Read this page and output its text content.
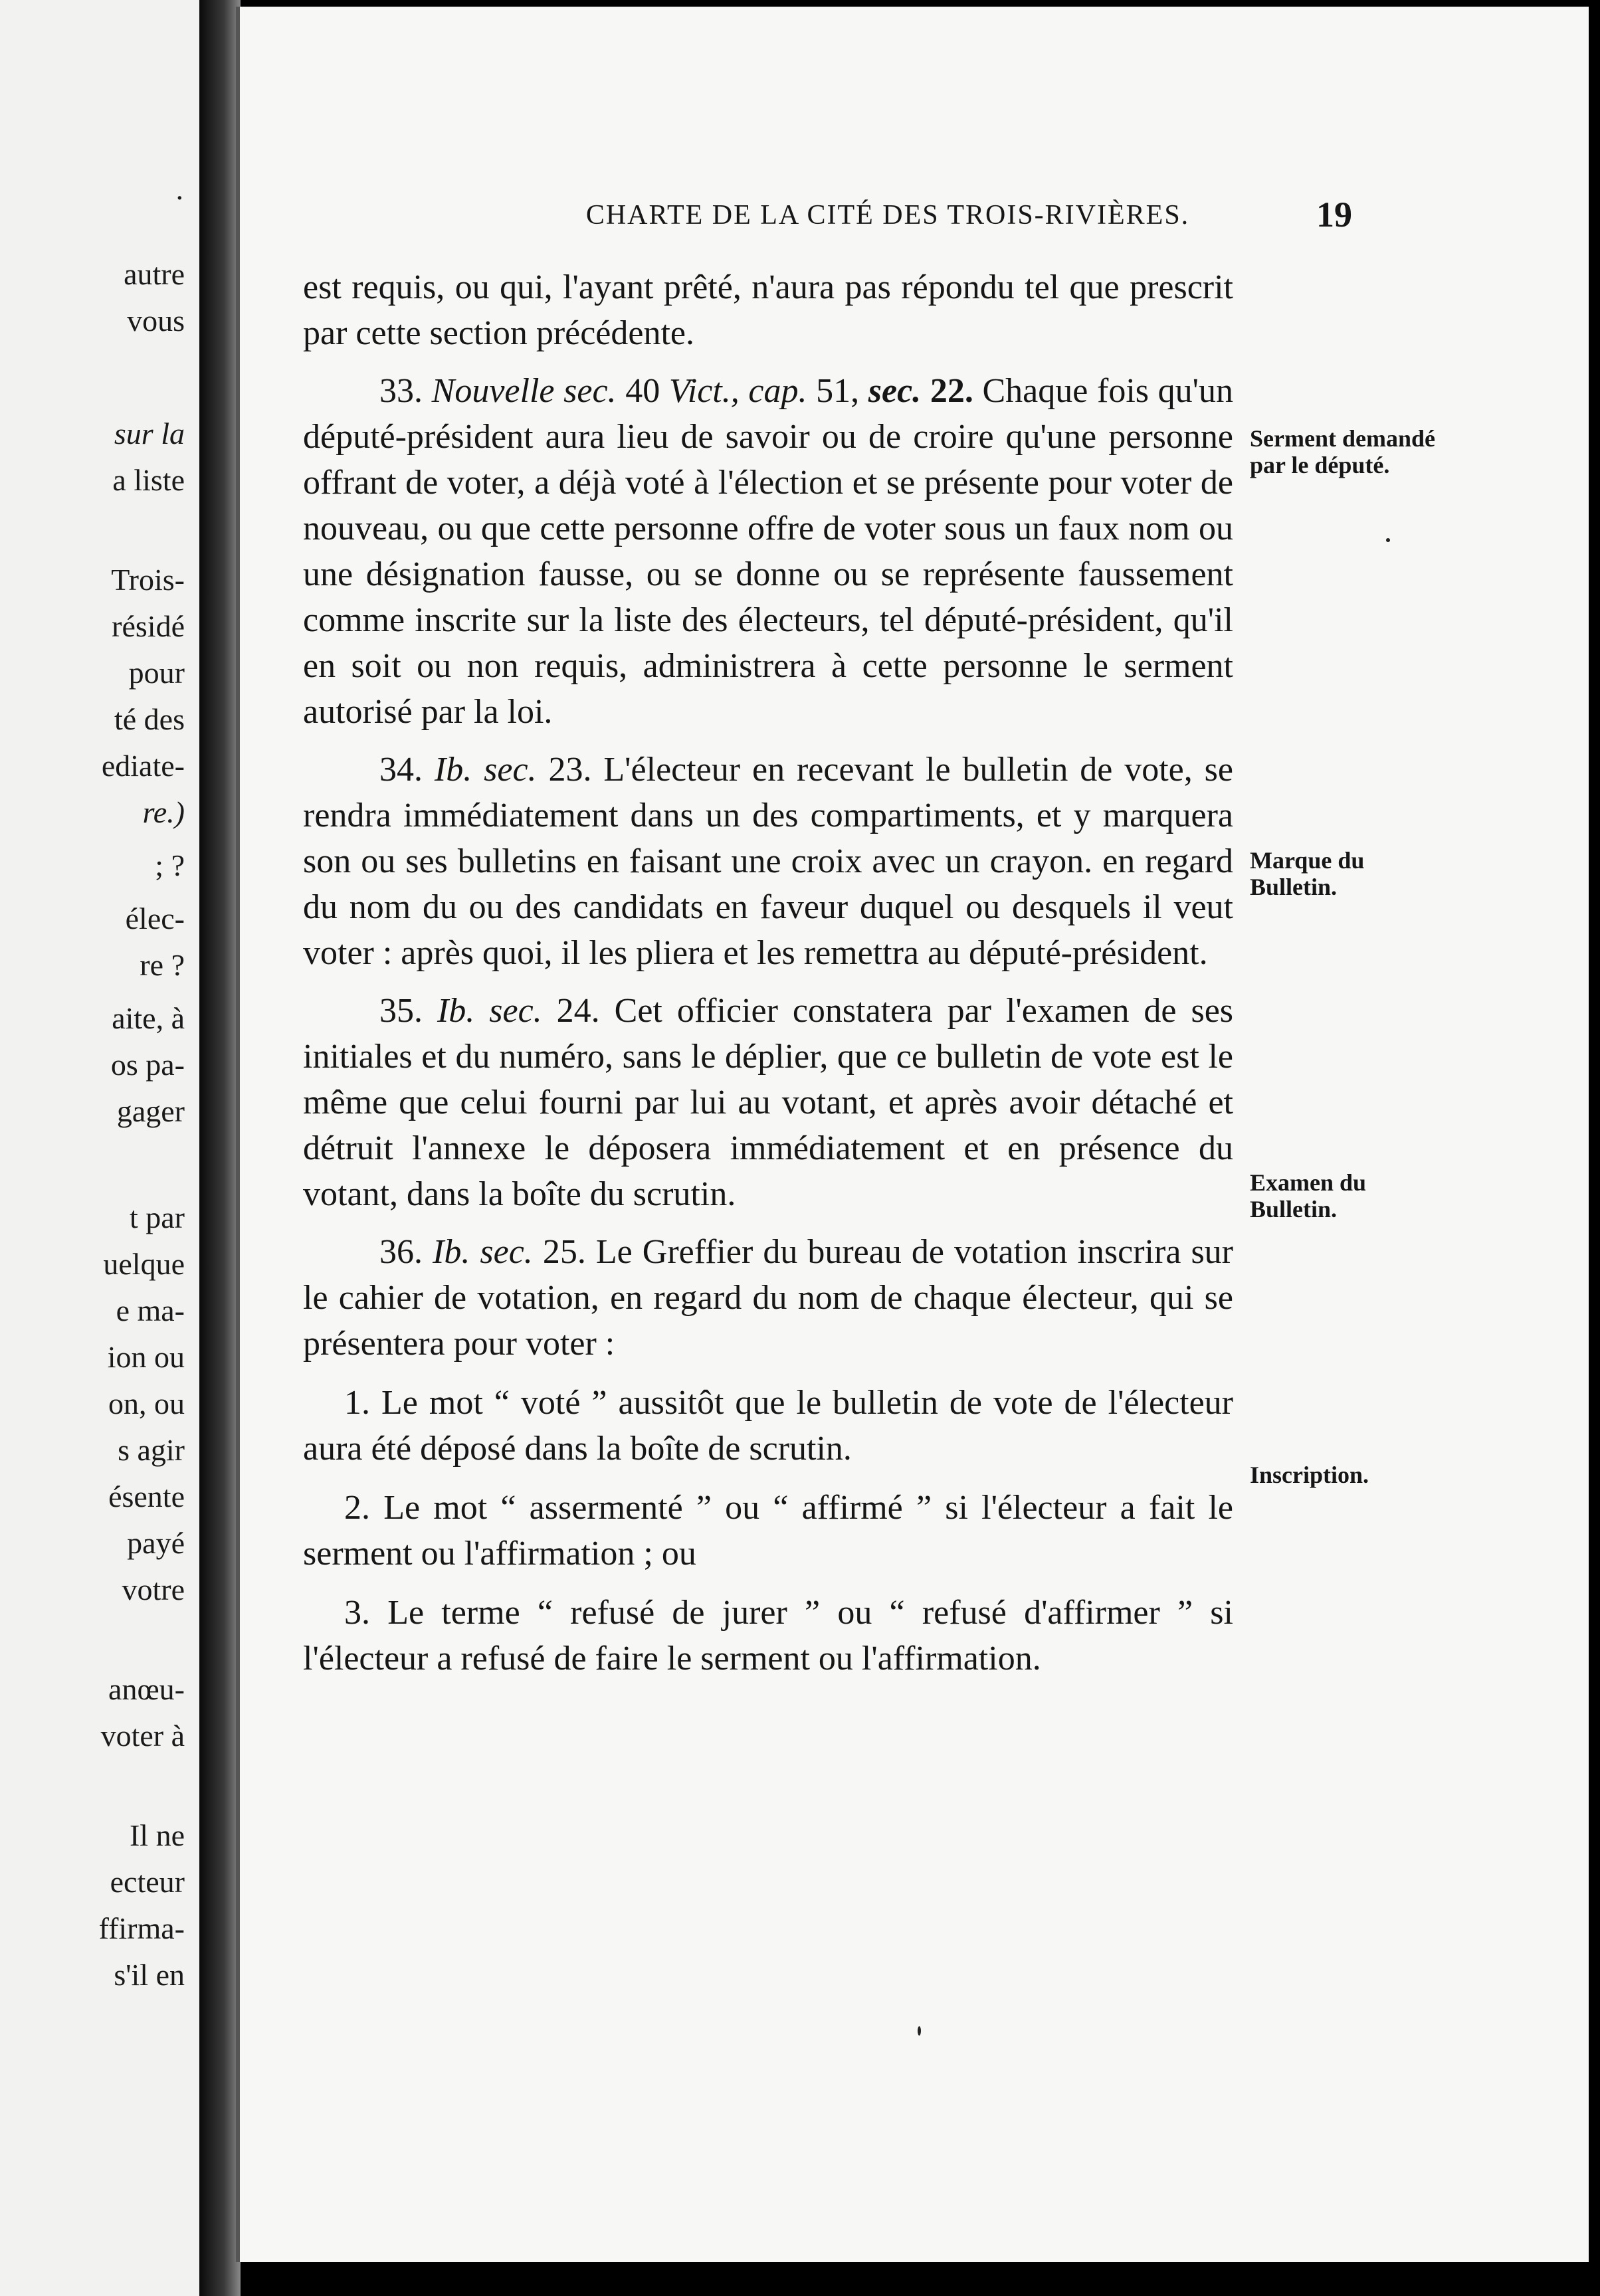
·
autre
vous
sur la
a liste
Trois-
résidé
pour
té des
ediate-
re.)
; ?
élec-
re ?
aite, à
os pa-
gager
t par
uelque
e ma-
ion ou
on, ou
s agir
ésente
payé
votre
anœu-
voter à
Il ne
ecteur
ffirma-
s'il en
CHARTE DE LA CITÉ DES TROIS-RIVIÈRES.	19

est requis, ou qui, l'ayant prêté, n'aura pas répondu tel que prescrit par cette section précédente.

33. Nouvelle sec. 40 Vict., cap. 51, sec. 22. Chaque fois qu'un député-président aura lieu de savoir ou de croire qu'une personne offrant de voter, a déjà voté à l'élection et se présente pour voter de nouveau, ou que cette personne offre de voter sous un faux nom ou une désignation fausse, ou se donne ou se représente faussement comme inscrite sur la liste des électeurs, tel député-président, qu'il en soit ou non requis, administrera à cette personne le serment autorisé par la loi.

34. Ib. sec. 23. L'électeur en recevant le bulletin de vote, se rendra immédiatement dans un des compartiments, et y marquera son ou ses bulletins en faisant une croix avec un crayon. en regard du nom du ou des candidats en faveur duquel ou desquels il veut voter : après quoi, il les pliera et les remettra au député-président.

35. Ib. sec. 24. Cet officier constatera par l'examen de ses initiales et du numéro, sans le déplier, que ce bulletin de vote est le même que celui fourni par lui au votant, et après avoir détaché et détruit l'annexe le déposera immédiatement et en présence du votant, dans la boîte du scrutin.

36. Ib. sec. 25. Le Greffier du bureau de votation inscrira sur le cahier de votation, en regard du nom de chaque électeur, qui se présentera pour voter :

1. Le mot “ voté ” aussitôt que le bulletin de vote de l'électeur aura été déposé dans la boîte de scrutin.

2. Le mot “ assermenté ” ou “ affirmé ” si l'électeur a fait le serment ou l'affirmation ; ou

3. Le terme “ refusé de jurer ” ou “ refusé d'affirmer ” si l'électeur a refusé de faire le serment ou l'affirmation.

Serment demandé par le député.
Marque du Bulletin.
Examen du Bulletin.
Inscription.
